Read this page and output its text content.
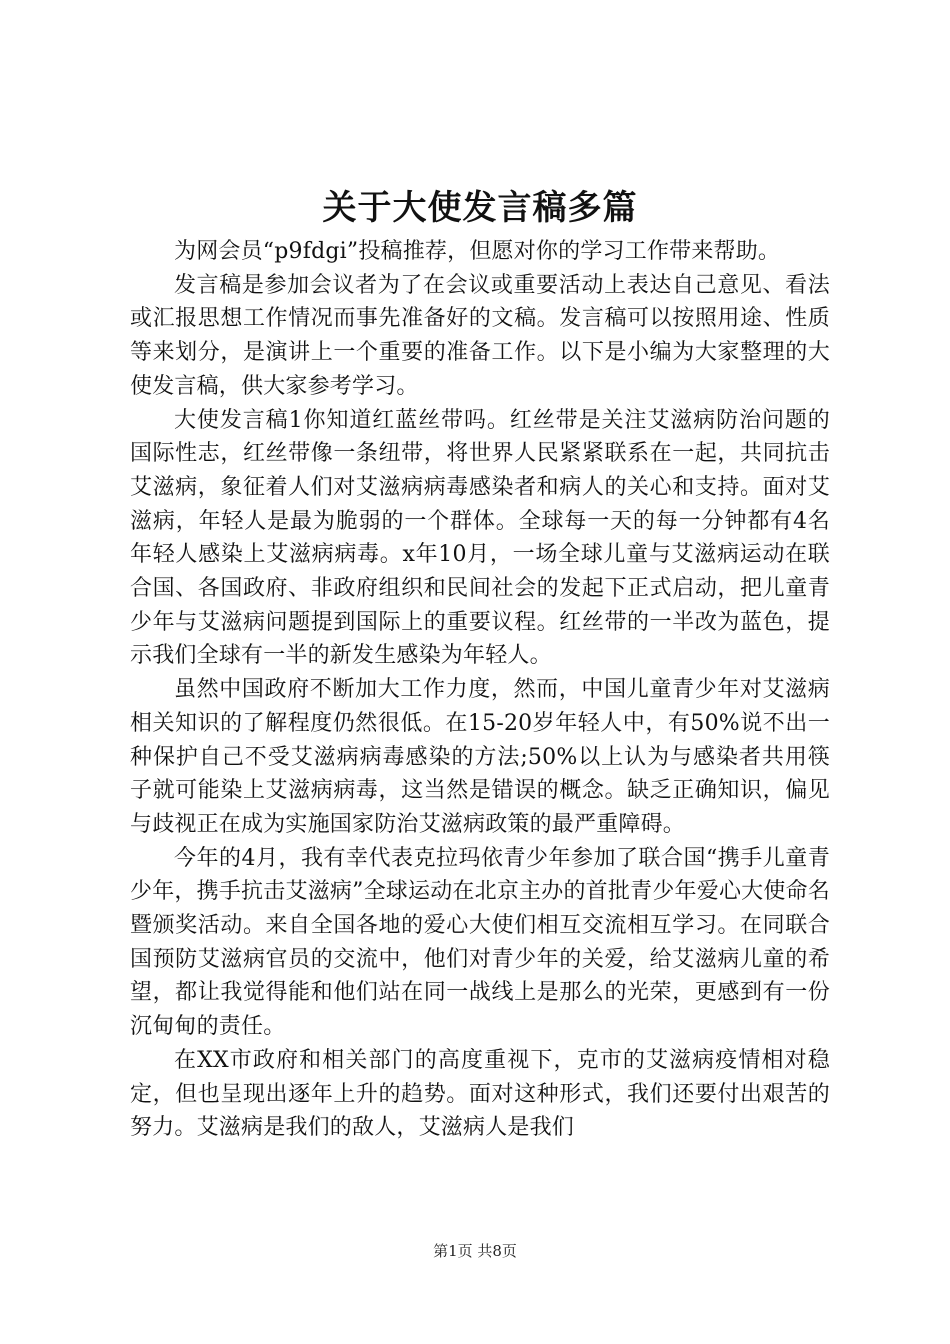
关于大使发言稿多篇

为网会员“p9fdgi”投稿推荐，但愿对你的学习工作带来帮助。

发言稿是参加会议者为了在会议或重要活动上表达自己意见、看法或汇报思想工作情况而事先准备好的文稿。发言稿可以按照用途、性质等来划分，是演讲上一个重要的准备工作。以下是小编为大家整理的大使发言稿，供大家参考学习。

大使发言稿1你知道红蓝丝带吗。红丝带是关注艾滋病防治问题的国际性志，红丝带像一条纽带，将世界人民紧紧联系在一起，共同抗击艾滋病，象征着人们对艾滋病病毒感染者和病人的关心和支持。面对艾滋病，年轻人是最为脆弱的一个群体。全球每一天的每一分钟都有4名年轻人感染上艾滋病病毒。x年10月，一场全球儿童与艾滋病运动在联合国、各国政府、非政府组织和民间社会的发起下正式启动，把儿童青少年与艾滋病问题提到国际上的重要议程。红丝带的一半改为蓝色，提示我们全球有一半的新发生感染为年轻人。

虽然中国政府不断加大工作力度，然而，中国儿童青少年对艾滋病相关知识的了解程度仍然很低。在15-20岁年轻人中，有50%说不出一种保护自己不受艾滋病病毒感染的方法;50%以上认为与感染者共用筷子就可能染上艾滋病病毒，这当然是错误的概念。缺乏正确知识，偏见与歧视正在成为实施国家防治艾滋病政策的最严重障碍。

今年的4月，我有幸代表克拉玛依青少年参加了联合国“携手儿童青少年，携手抗击艾滋病”全球运动在北京主办的首批青少年爱心大使命名暨颁奖活动。来自全国各地的爱心大使们相互交流相互学习。在同联合国预防艾滋病官员的交流中，他们对青少年的关爱，给艾滋病儿童的希望，都让我觉得能和他们站在同一战线上是那么的光荣，更感到有一份沉甸甸的责任。

在XX市政府和相关部门的高度重视下，克市的艾滋病疫情相对稳定，但也呈现出逐年上升的趋势。面对这种形式，我们还要付出艰苦的努力。艾滋病是我们的敌人，艾滋病人是我们

第1页 共8页
